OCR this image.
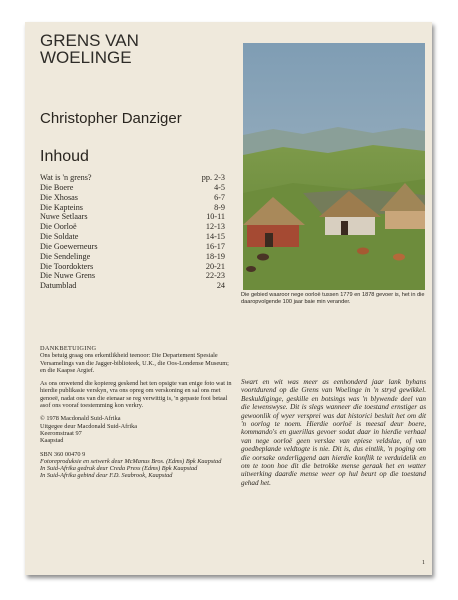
GRENS VAN
WOELINGE
Christopher Danziger
Inhoud
Wat is 'n grens?	pp. 2-3
Die Boere	4-5
Die Xhosas	6-7
Die Kapteins	8-9
Nuwe Setlaars	10-11
Die Oorloë	12-13
Die Soldate	14-15
Die Goewerneurs	16-17
Die Sendelinge	18-19
Die Toordokters	20-21
Die Nuwe Grens	22-23
Datumblad	24

Die gebied waaroor nege oorloë tussen 1779 en 1878 gevoer is, het in die daaropvolgende 100 jaar baie min verander.

DANKBETUIGING

Ons betuig graag ons erkentlikheid teenoor: Die Departement Spesiale Versamelings van die Jagger-biblioteek, U.K., die Oos-Londense Museum; en die Kaapse Argief.

As ons onwetend die kopiereg geskend het ten opsigte van enige foto wat in hierdie publikasie verskyn, vra ons opreg om verskoning en sal ons met genoeë, nadat ons van die eienaar se reg verwittig is, 'n gepaste fooi betaal asof ons vooraf toestemming kon verkry.

© 1978 Macdonald Suid-Afrika

Uitgegee deur Macdonald Suid-Afrika

Keeromstraat 97

Kaapstad

SBN 360 00470 9

Fotoreproduksie en setwerk deur McManus Bros. (Edms) Bpk Kaapstad

In Suid-Afrika gedruk deur Creda Press (Edms) Bpk Kaapstad

In Suid-Afrika gebind deur F.D. Seabrook, Kaapstad

Swart en wit was meer as eenhonderd jaar lank byhans voortdurend op die Grens van Woelinge in 'n stryd gewikkel. Beskuldiginge, geskille en botsings was 'n blywende deel van die lewenswyse. Dit is slegs wanneer die toestand ernstiger as gewoonlik of wyer versprei was dat historici besluit het om dit 'n oorlog te noem. Hierdie oorloë is meesal deur boere, kommando's en guerillas gevoer sodat daar in hierdie verhaal van nege oorloë geen verslae van epiese veldslae, of van goedbeplande veldtogte is nie. Dit is, dus eintlik, 'n poging om die oorsake onderliggend aan hierdie konflik te verduidelik en om te toon hoe dit die betrokke mense geraak het en watter uitwerking daardie mense weer op hul beurt op die toestand gehad het.

1
